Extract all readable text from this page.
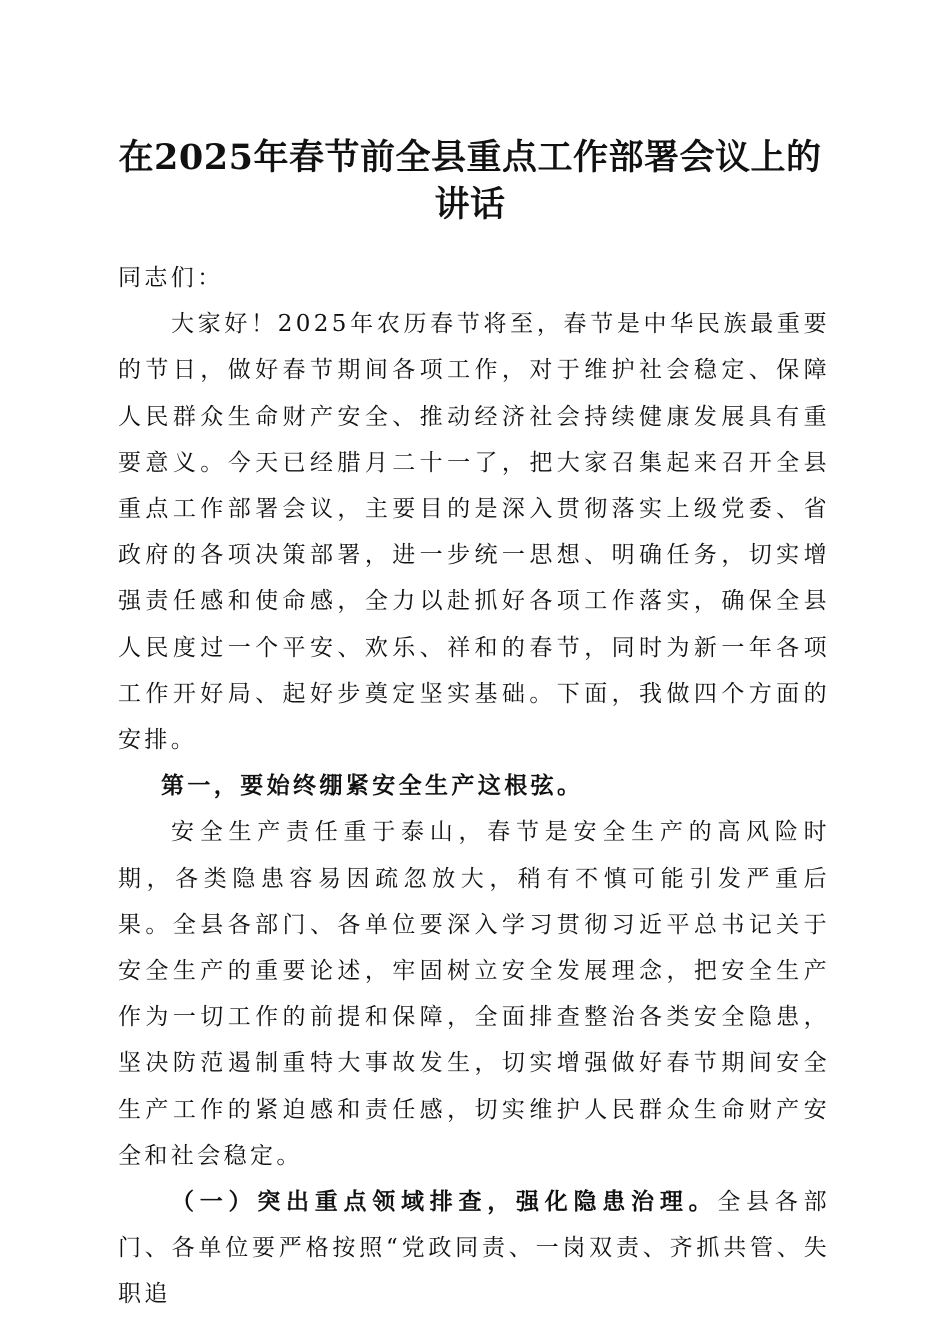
在2025年春节前全县重点工作部署会议上的
讲话

同志们：

大家好！2025年农历春节将至，春节是中华民族最重要的节日，做好春节期间各项工作，对于维护社会稳定、保障人民群众生命财产安全、推动经济社会持续健康发展具有重要意义。今天已经腊月二十一了，把大家召集起来召开全县重点工作部署会议，主要目的是深入贯彻落实上级党委、省政府的各项决策部署，进一步统一思想、明确任务，切实增强责任感和使命感，全力以赴抓好各项工作落实，确保全县人民度过一个平安、欢乐、祥和的春节，同时为新一年各项工作开好局、起好步奠定坚实基础。下面，我做四个方面的安排。

第一，要始终绷紧安全生产这根弦。

安全生产责任重于泰山，春节是安全生产的高风险时期，各类隐患容易因疏忽放大，稍有不慎可能引发严重后果。全县各部门、各单位要深入学习贯彻习近平总书记关于安全生产的重要论述，牢固树立安全发展理念，把安全生产作为一切工作的前提和保障，全面排查整治各类安全隐患，坚决防范遏制重特大事故发生，切实增强做好春节期间安全生产工作的紧迫感和责任感，切实维护人民群众生命财产安全和社会稳定。

（一）突出重点领域排查，强化隐患治理。全县各部门、各单位要严格按照“党政同责、一岗双责、齐抓共管、失职追
